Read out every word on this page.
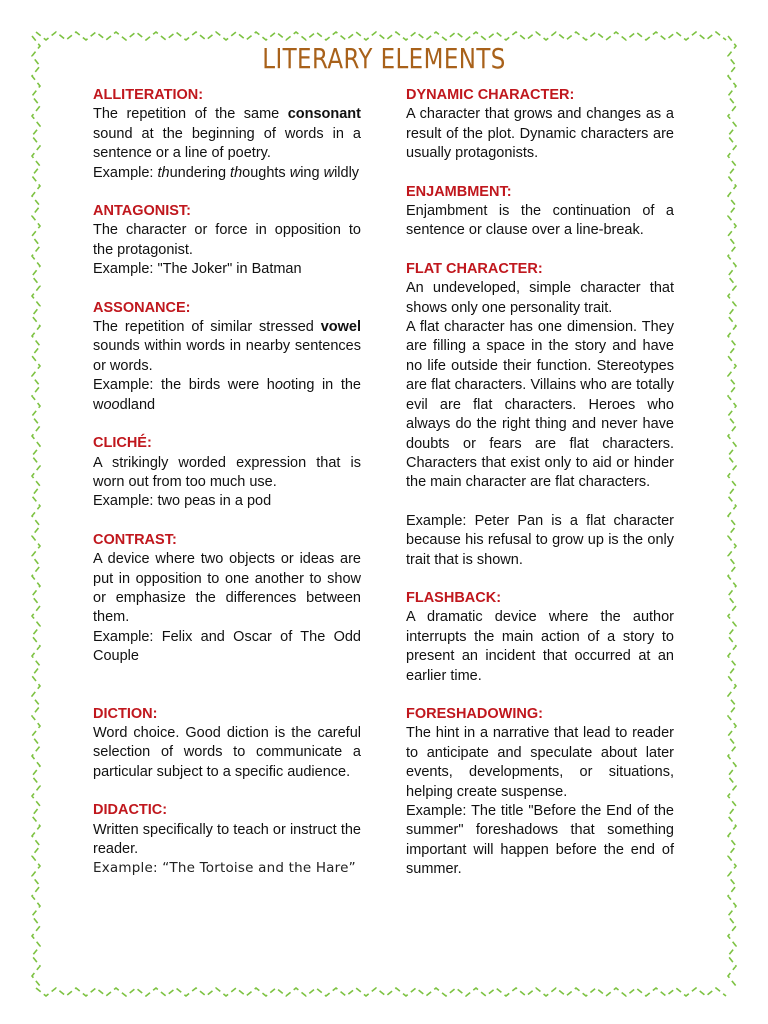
LITERARY ELEMENTS

ALLITERATION:

The repetition of the same consonant sound at the beginning of words in a sentence or a line of poetry.

Example: thundering thoughts wing wildly

ANTAGONIST:

The character or force in opposition to the protagonist.

Example: "The Joker" in Batman

ASSONANCE:

The repetition of similar stressed vowel sounds within words in nearby sentences or words.

Example: the birds were hooting in the woodland

CLICHÉ:

A strikingly worded expression that is worn out from too much use.

Example: two peas in a pod

CONTRAST:

A device where two objects or ideas are put in opposition to one another to show or emphasize the differences between them.

Example: Felix and Oscar of The Odd Couple

DICTION:

Word choice. Good diction is the careful selection of words to communicate a particular subject to a specific audience.

DIDACTIC:

Written specifically to teach or instruct the reader.

Example: “The Tortoise and the Hare”

DYNAMIC CHARACTER:

A character that grows and changes as a result of the plot. Dynamic characters are usually protagonists.

ENJAMBMENT:

Enjambment is the continuation of a sentence or clause over a line-break.

FLAT CHARACTER:

An undeveloped, simple character that shows only one personality trait.

A flat character has one dimension. They are filling a space in the story and have no life outside their function. Stereotypes are flat characters. Villains who are totally evil are flat characters. Heroes who always do the right thing and never have doubts or fears are flat characters. Characters that exist only to aid or hinder the main character are flat characters.

Example: Peter Pan is a flat character because his refusal to grow up is the only trait that is shown.

FLASHBACK:

A dramatic device where the author interrupts the main action of a story to present an incident that occurred at an earlier time.

FORESHADOWING:

The hint in a narrative that lead to reader to anticipate and speculate about later events, developments, or situations, helping create suspense.

Example: The title "Before the End of the summer" foreshadows that something important will happen before the end of summer.
